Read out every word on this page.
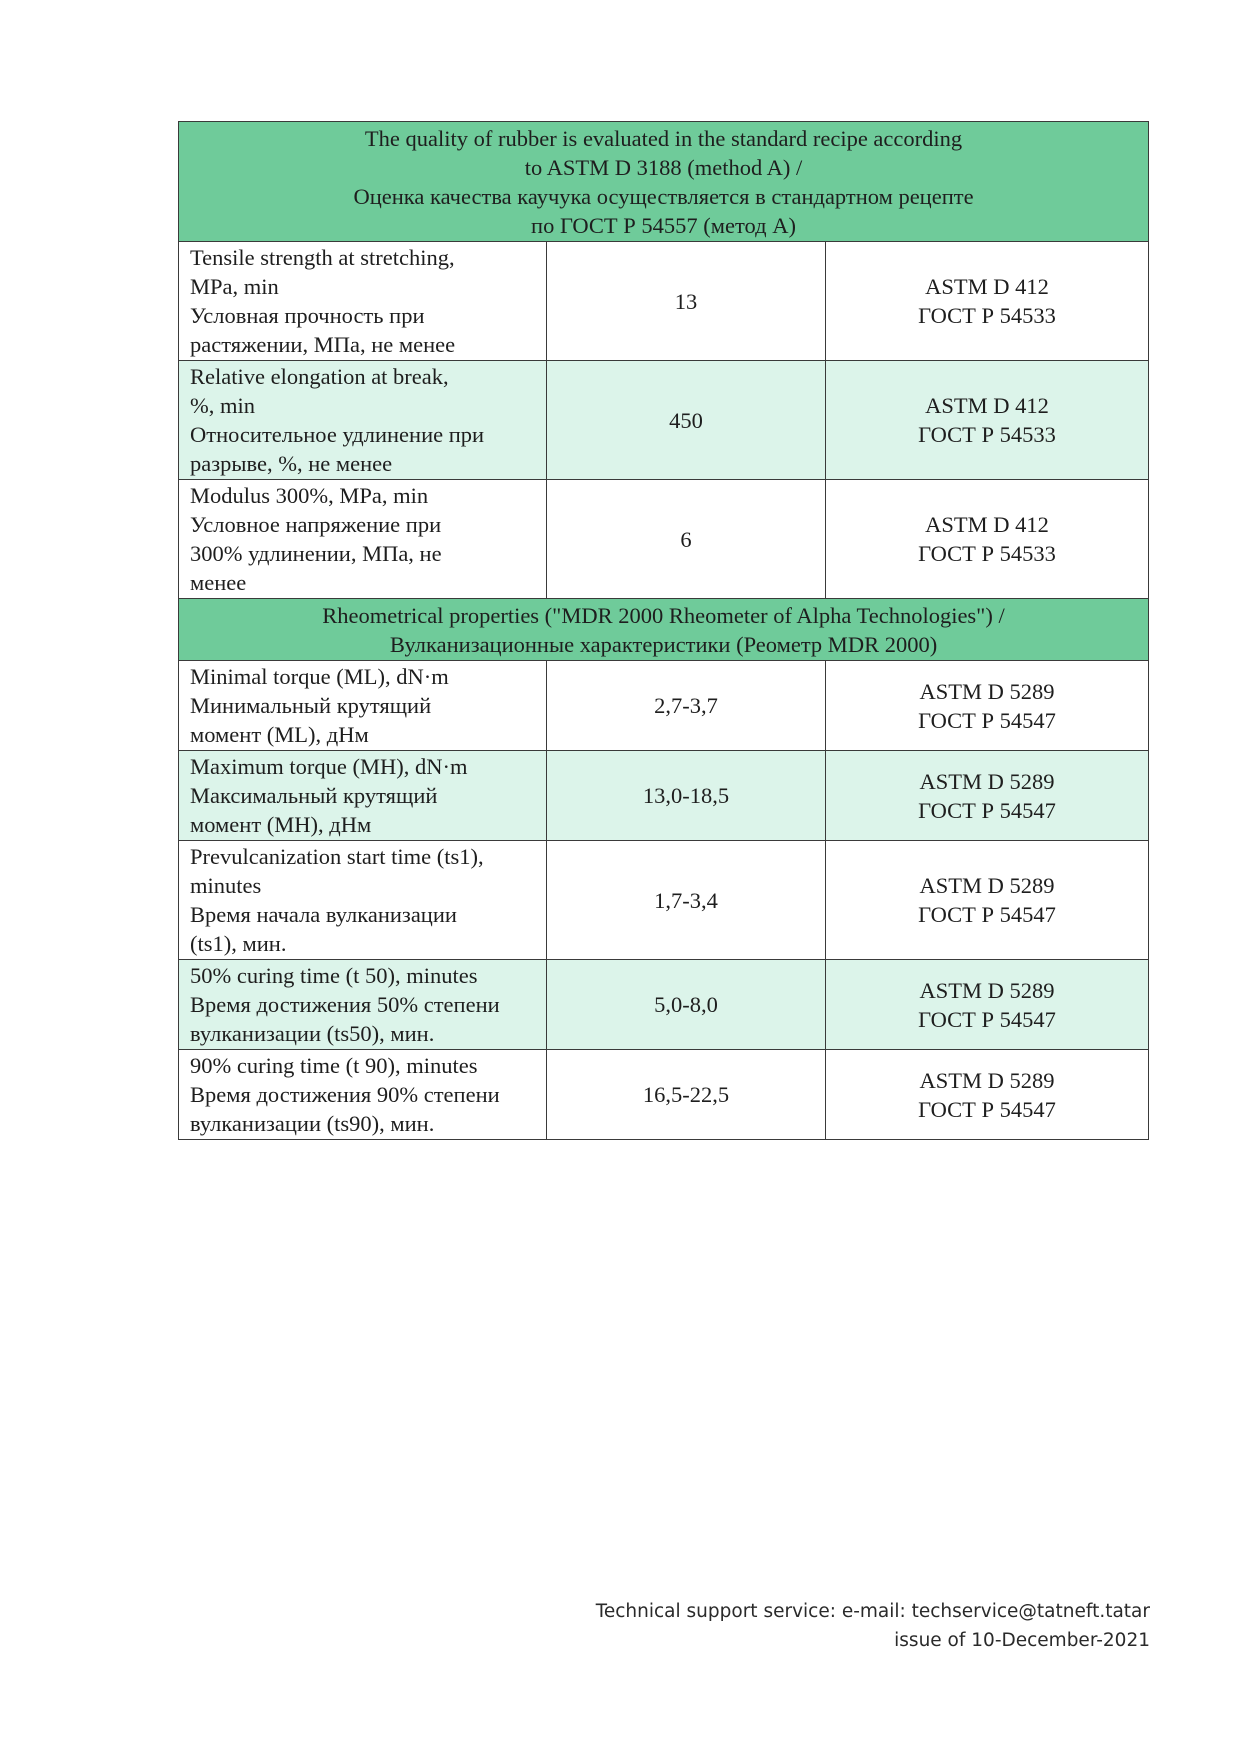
The quality of rubber is evaluated in the standard recipe according
to ASTM D 3188 (method A) /
Оценка качества каучука осуществляется в стандартном рецепте
по ГОСТ Р 54557 (метод А)		

Tensile strength at stretching,
MPa, min
Условная прочность при
растяжении, МПа, не менее	13	ASTM D 412
ГОСТ Р 54533

Relative elongation at break,
%, min
Относительное удлинение при
разрыве, %, не менее	450	ASTM D 412
ГОСТ Р 54533

Modulus 300%, MPa, min
Условное напряжение при
300% удлинении, МПа, не
менее	6	ASTM D 412
ГОСТ Р 54533

Rheometrical properties ("MDR 2000 Rheometer of Alpha Technologies") /
Вулканизационные характеристики (Реометр MDR 2000)		

Minimal torque (ML), dN·m
Минимальный крутящий
момент (ML), дНм	2,7-3,7	ASTM D 5289
ГОСТ Р 54547

Maximum torque (MH), dN·m
Максимальный крутящий
момент (MH), дНм	13,0-18,5	ASTM D 5289
ГОСТ Р 54547

Prevulcanization start time (ts1),
minutes
Время начала вулканизации
(ts1), мин.	1,7-3,4	ASTM D 5289
ГОСТ Р 54547

50% curing time (t 50), minutes
Время достижения 50% степени
вулканизации (ts50), мин.	5,0-8,0	ASTM D 5289
ГОСТ Р 54547

90% curing time (t 90), minutes
Время достижения 90% степени
вулканизации (ts90), мин.	16,5-22,5	ASTM D 5289
ГОСТ Р 54547
Technical support service: e-mail: techservice@tatneft.tatar
issue of 10-December-2021
